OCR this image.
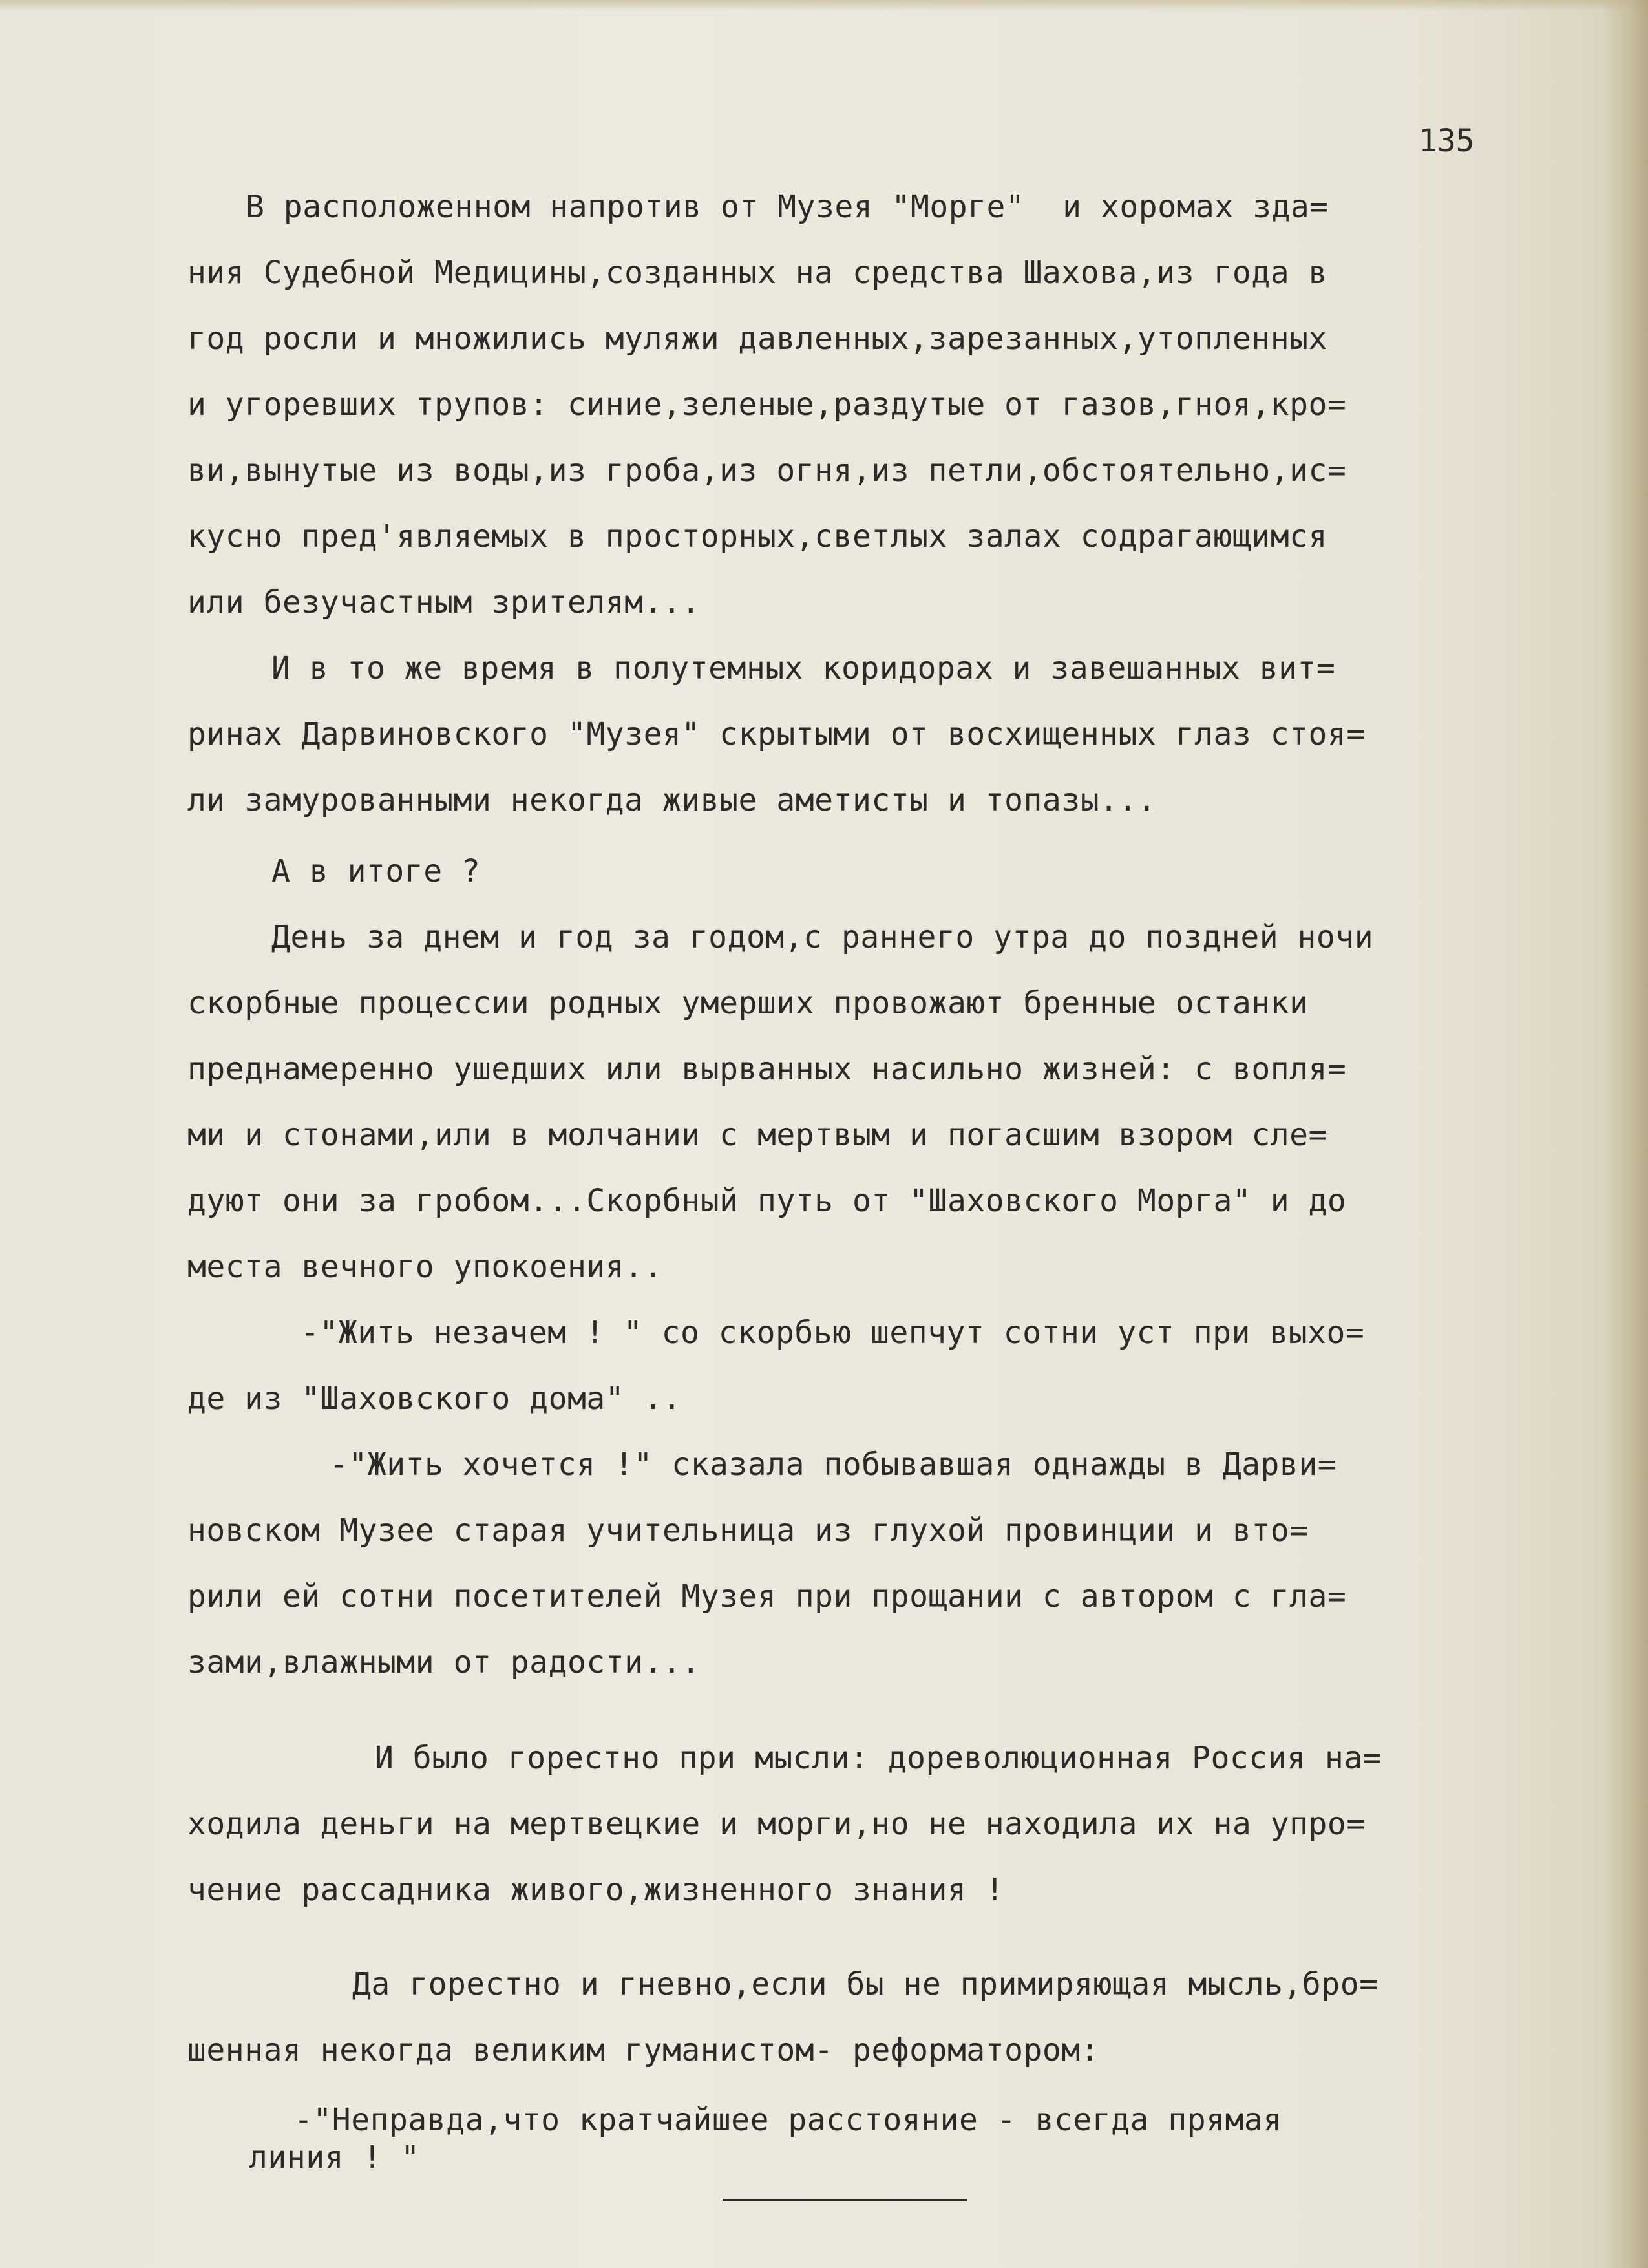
135
В расположенном напротив от Музея "Морге"  и хоромах зда=
ния Судебной Медицины,созданных на средства Шахова,из года в
год росли и множились муляжи давленных,зарезанных,утопленных
и угоревших трупов: синие,зеленые,раздутые от газов,гноя,кро=
ви,вынутые из воды,из гроба,из огня,из петли,обстоятельно,ис=
кусно пред'являемых в просторных,светлых залах содрагающимся
или безучастным зрителям...
И в то же время в полутемных коридорах и завешанных вит=
ринах Дарвиновского "Музея" скрытыми от восхищенных глаз стоя=
ли замурованными некогда живые аметисты и топазы...
А в итоге ?
День за днем и год за годом,с раннего утра до поздней ночи
скорбные процессии родных умерших провожают бренные останки
преднамеренно ушедших или вырванных насильно жизней: с вопля=
ми и стонами,или в молчании с мертвым и погасшим взором сле=
дуют они за гробом...Скорбный путь от "Шаховского Морга" и до
места вечного упокоения..
-"Жить незачем ! " со скорбью шепчут сотни уст при выхо=
де из "Шаховского дома" ..
-"Жить хочется !" сказала побывавшая однажды в Дарви=
новском Музее старая учительница из глухой провинции и вто=
рили ей сотни посетителей Музея при прощании с автором с гла=
зами,влажными от радости...
И было горестно при мысли: дореволюционная Россия на=
ходила деньги на мертвецкие и морги,но не находила их на упро=
чение рассадника живого,жизненного знания !
Да горестно и гневно,если бы не примиряющая мысль,бро=
шенная некогда великим гуманистом- реформатором:
-"Неправда,что кратчайшее расстояние - всегда прямая
линия ! "
